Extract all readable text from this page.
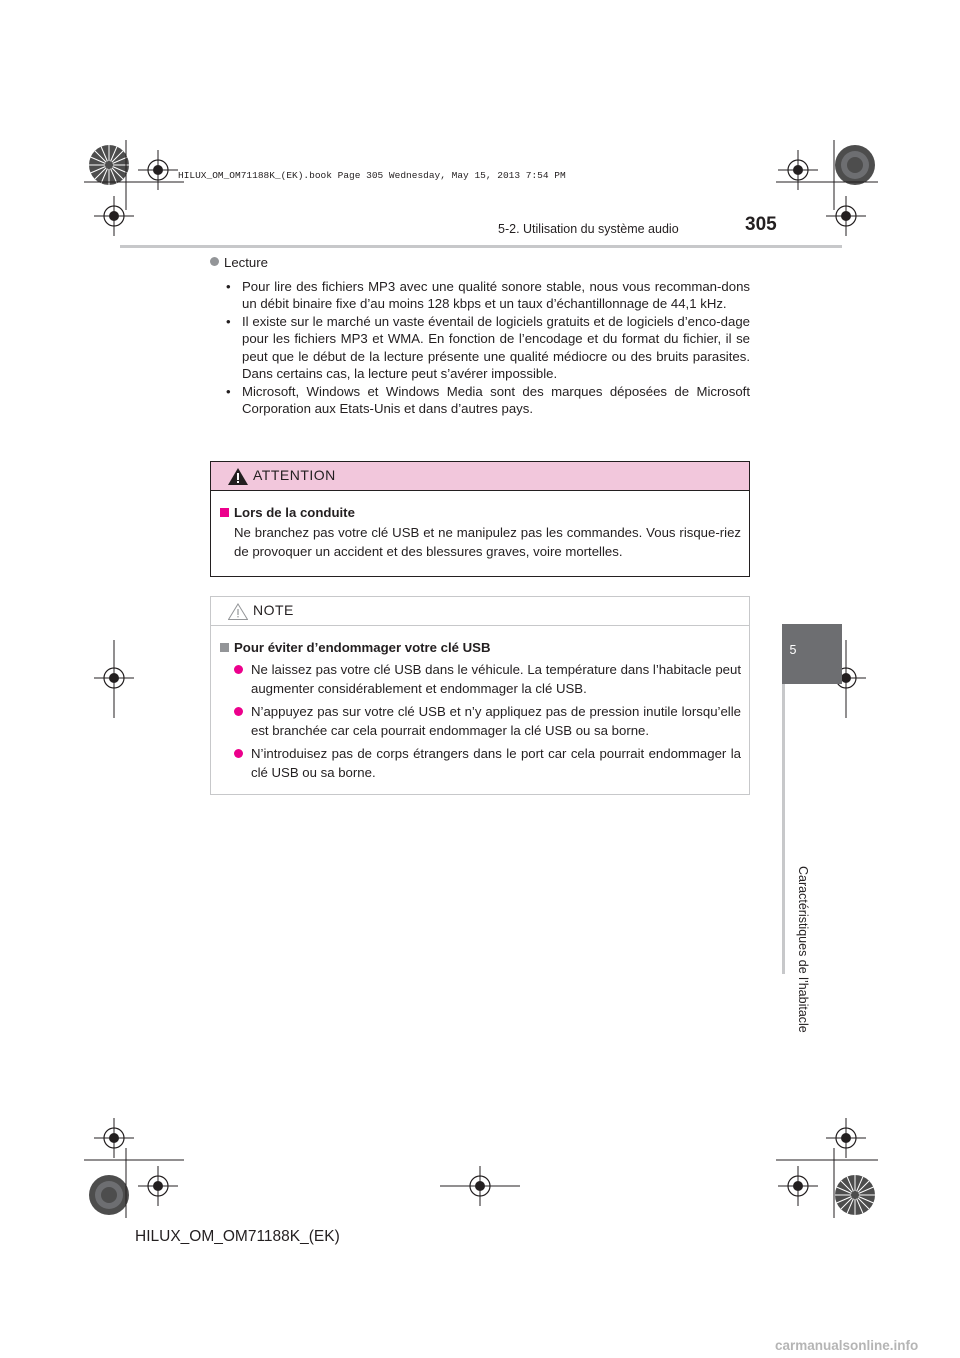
HILUX_OM_OM71188K_(EK).book Page 305 Wednesday, May 15, 2013 7:54 PM
5-2. Utilisation du système audio	305
5
Caractéristiques de l’habitacle
Lecture
• Pour lire des fichiers MP3 avec une qualité sonore stable, nous vous recomman-dons un débit binaire fixe d’au moins 128 kbps et un taux d’échantillonnage de 44,1 kHz.
• Il existe sur le marché un vaste éventail de logiciels gratuits et de logiciels d’enco-dage pour les fichiers MP3 et WMA. En fonction de l’encodage et du format du fichier, il se peut que le début de la lecture présente une qualité médiocre ou des bruits parasites. Dans certains cas, la lecture peut s’avérer impossible.
• Microsoft, Windows et Windows Media sont des marques déposées de Microsoft Corporation aux Etats-Unis et dans d’autres pays.
ATTENTION
Lors de la conduite
Ne branchez pas votre clé USB et ne manipulez pas les commandes. Vous risque-riez de provoquer un accident et des blessures graves, voire mortelles.
NOTE
Pour éviter d’endommager votre clé USB
Ne laissez pas votre clé USB dans le véhicule. La température dans l’habitacle peut augmenter considérablement et endommager la clé USB.
N’appuyez pas sur votre clé USB et n’y appliquez pas de pression inutile lorsqu’elle est branchée car cela pourrait endommager la clé USB ou sa borne.
N’introduisez pas de corps étrangers dans le port car cela pourrait endommager la clé USB ou sa borne.
HILUX_OM_OM71188K_(EK)
carmanualsonline.info
